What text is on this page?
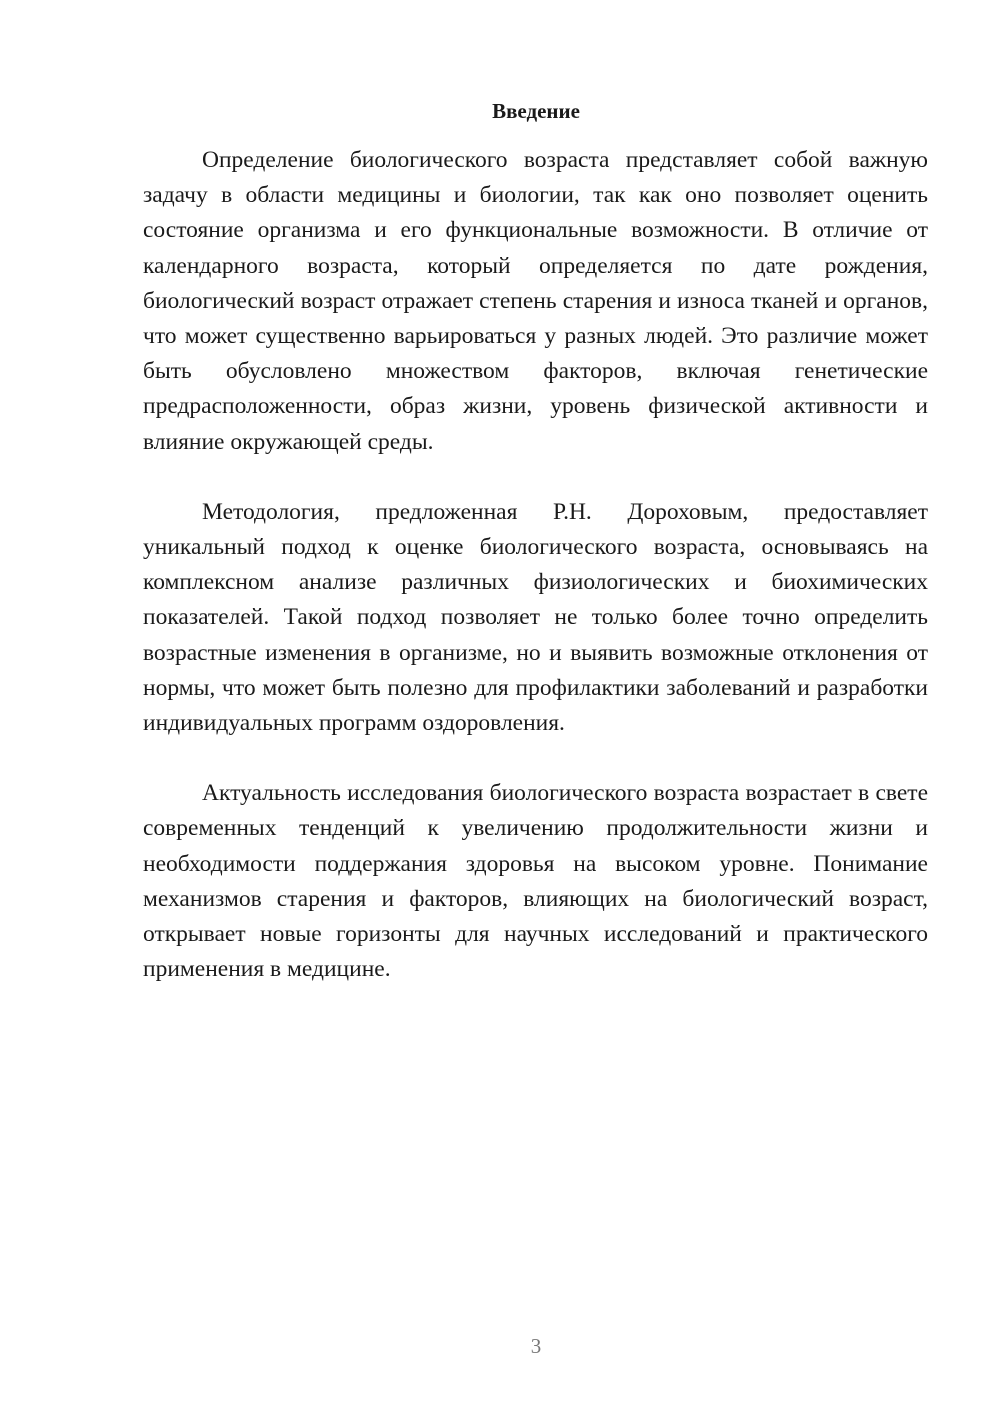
Введение

Определение биологического возраста представляет собой важную задачу в области медицины и биологии, так как оно позволяет оценить состояние организма и его функциональные возможности. В отличие от календарного возраста, который определяется по дате рождения, биологический возраст отражает степень старения и износа тканей и органов, что может существенно варьироваться у разных людей. Это различие может быть обусловлено множеством факторов, включая генетические предрасположенности, образ жизни, уровень физической активности и влияние окружающей среды.

Методология, предложенная Р.Н. Дороховым, предоставляет уникальный подход к оценке биологического возраста, основываясь на комплексном анализе различных физиологических и биохимических показателей. Такой подход позволяет не только более точно определить возрастные изменения в организме, но и выявить возможные отклонения от нормы, что может быть полезно для профилактики заболеваний и разработки индивидуальных программ оздоровления.

Актуальность исследования биологического возраста возрастает в свете современных тенденций к увеличению продолжительности жизни и необходимости поддержания здоровья на высоком уровне. Понимание механизмов старения и факторов, влияющих на биологический возраст, открывает новые горизонты для научных исследований и практического применения в медицине.

3
